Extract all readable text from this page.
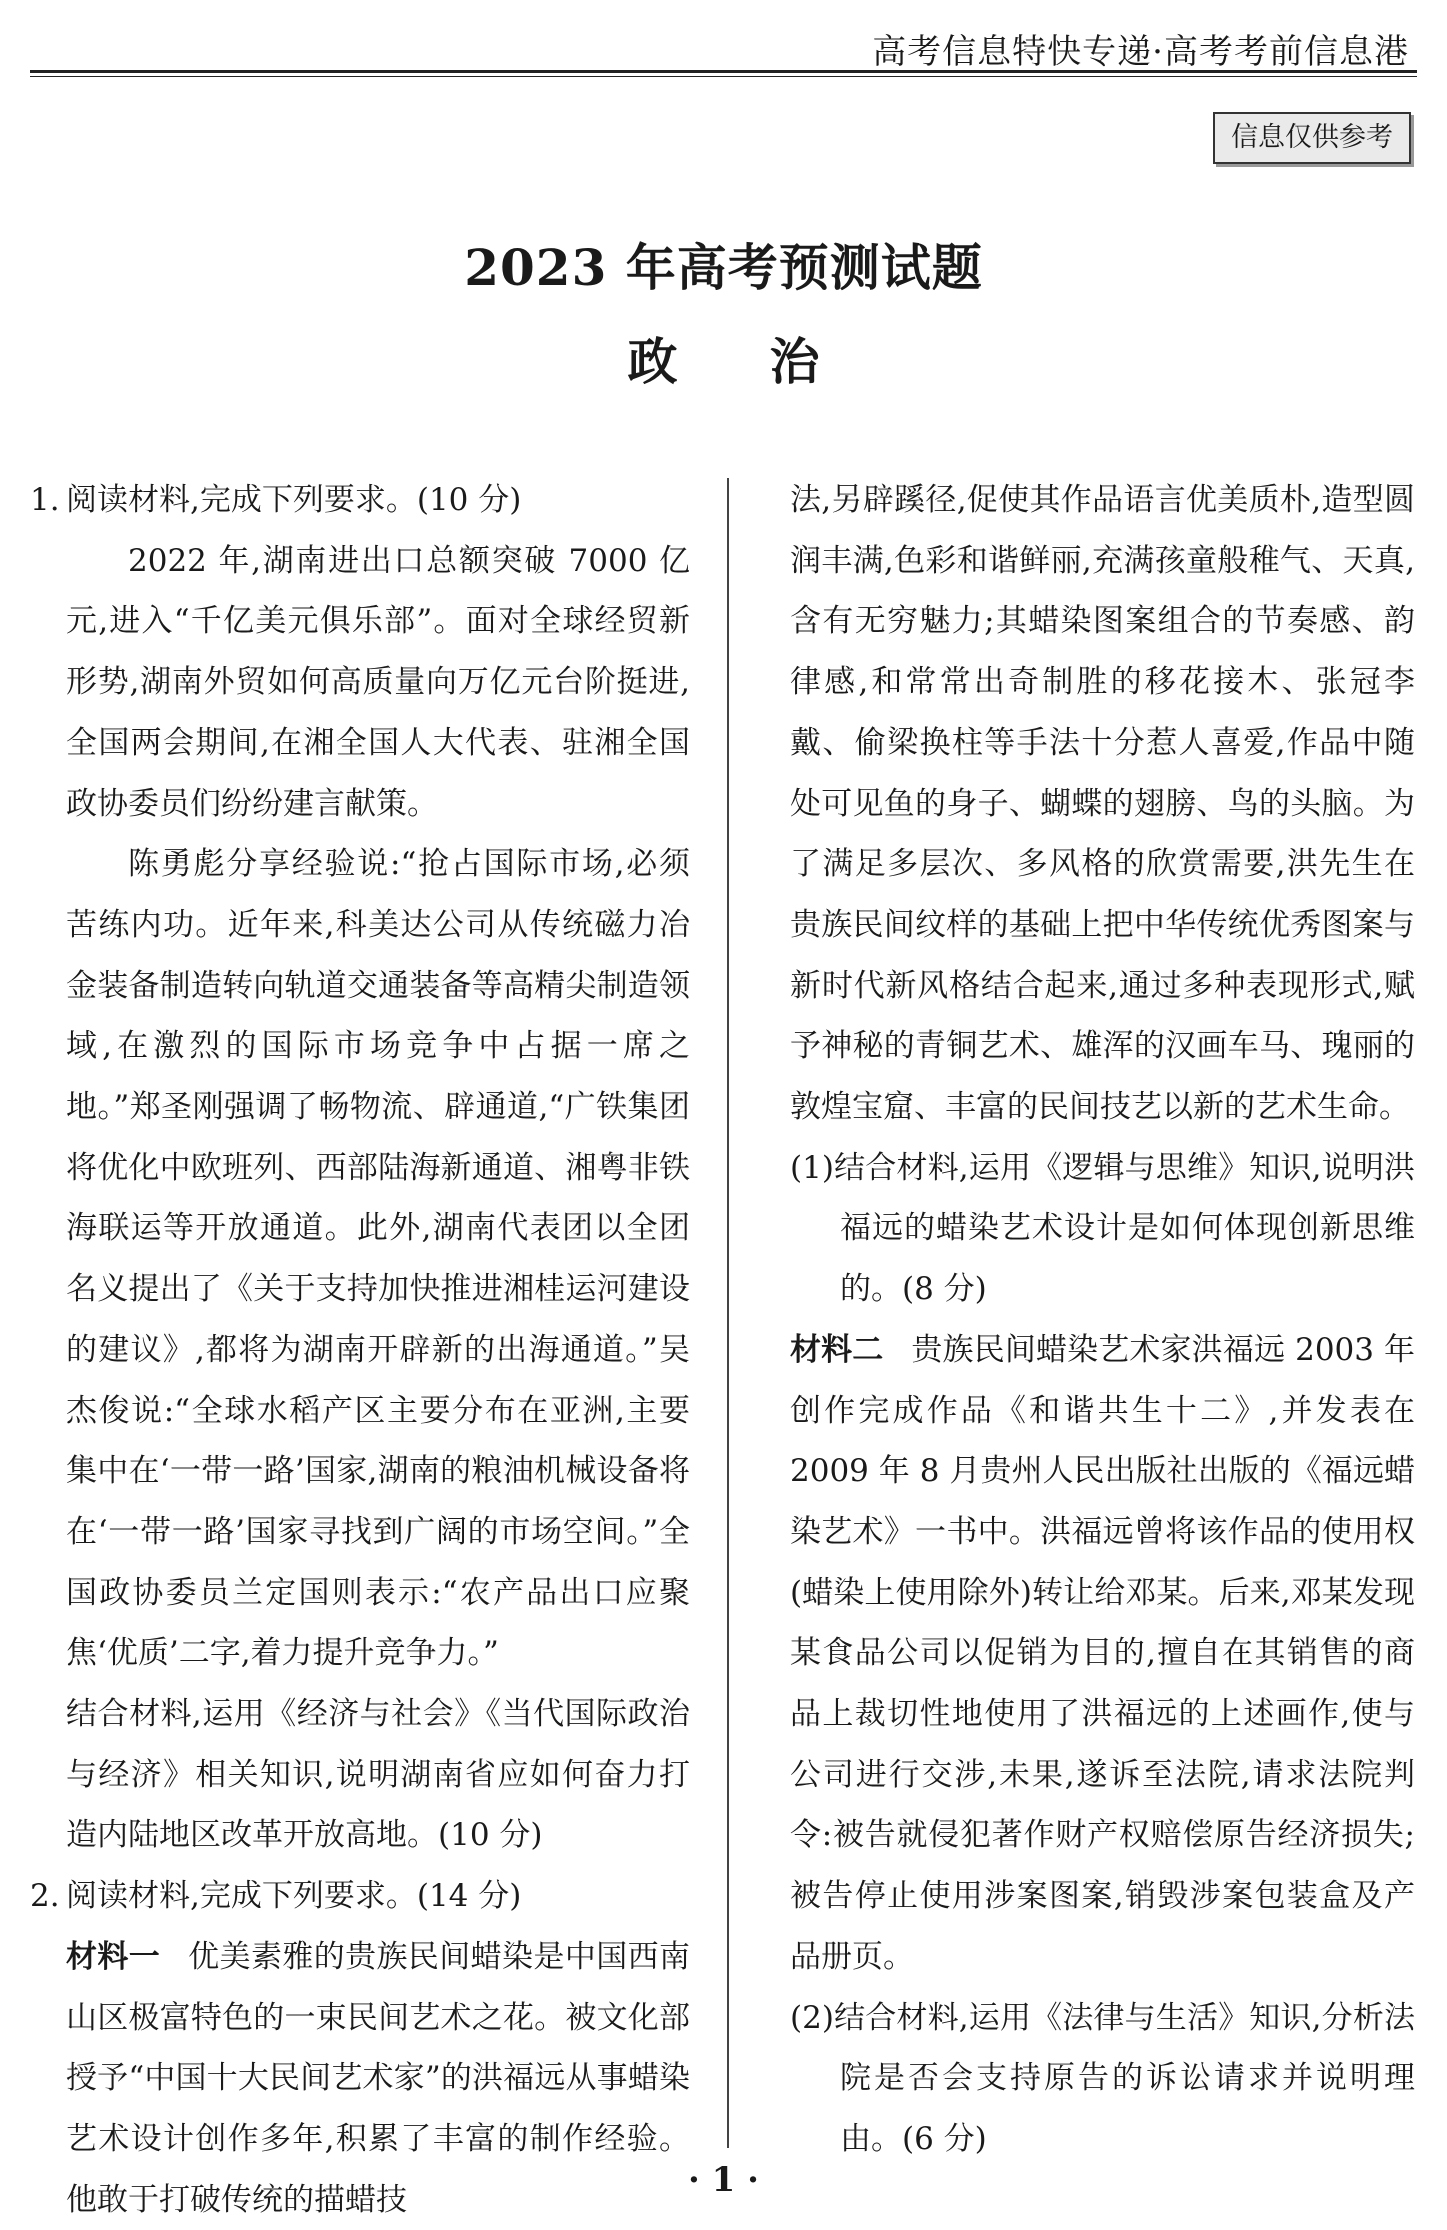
高考信息特快专递·高考考前信息港
信息仅供参考
2023 年高考预测试题
政治

1. 阅读材料,完成下列要求。(10 分)

2022 年,湖南进出口总额突破 7000 亿元,进入“千亿美元俱乐部”。面对全球经贸新形势,湖南外贸如何高质量向万亿元台阶挺进,全国两会期间,在湘全国人大代表、驻湘全国政协委员们纷纷建言献策。

陈勇彪分享经验说:“抢占国际市场,必须苦练内功。近年来,科美达公司从传统磁力冶金装备制造转向轨道交通装备等高精尖制造领域,在激烈的国际市场竞争中占据一席之地。”郑圣刚强调了畅物流、辟通道,“广铁集团将优化中欧班列、西部陆海新通道、湘粤非铁海联运等开放通道。此外,湖南代表团以全团名义提出了《关于支持加快推进湘桂运河建设的建议》,都将为湖南开辟新的出海通道。”吴杰俊说:“全球水稻产区主要分布在亚洲,主要集中在‘一带一路’国家,湖南的粮油机械设备将在‘一带一路’国家寻找到广阔的市场空间。”全国政协委员兰定国则表示:“农产品出口应聚焦‘优质’二字,着力提升竞争力。”

结合材料,运用《经济与社会》《当代国际政治与经济》相关知识,说明湖南省应如何奋力打造内陆地区改革开放高地。(10 分)

2. 阅读材料,完成下列要求。(14 分)

材料一 优美素雅的贵族民间蜡染是中国西南山区极富特色的一束民间艺术之花。被文化部授予“中国十大民间艺术家”的洪福远从事蜡染艺术设计创作多年,积累了丰富的制作经验。他敢于打破传统的描蜡技

法,另辟蹊径,促使其作品语言优美质朴,造型圆润丰满,色彩和谐鲜丽,充满孩童般稚气、天真,含有无穷魅力;其蜡染图案组合的节奏感、韵律感,和常常出奇制胜的移花接木、张冠李戴、偷梁换柱等手法十分惹人喜爱,作品中随处可见鱼的身子、蝴蝶的翅膀、鸟的头脑。为了满足多层次、多风格的欣赏需要,洪先生在贵族民间纹样的基础上把中华传统优秀图案与新时代新风格结合起来,通过多种表现形式,赋予神秘的青铜艺术、雄浑的汉画车马、瑰丽的敦煌宝窟、丰富的民间技艺以新的艺术生命。

(1)结合材料,运用《逻辑与思维》知识,说明洪福远的蜡染艺术设计是如何体现创新思维的。(8 分)

材料二 贵族民间蜡染艺术家洪福远 2003 年创作完成作品《和谐共生十二》,并发表在 2009 年 8 月贵州人民出版社出版的《福远蜡染艺术》一书中。洪福远曾将该作品的使用权(蜡染上使用除外)转让给邓某。后来,邓某发现某食品公司以促销为目的,擅自在其销售的商品上裁切性地使用了洪福远的上述画作,使与公司进行交涉,未果,遂诉至法院,请求法院判令:被告就侵犯著作财产权赔偿原告经济损失;被告停止使用涉案图案,销毁涉案包装盒及产品册页。

(2)结合材料,运用《法律与生活》知识,分析法院是否会支持原告的诉讼请求并说明理由。(6 分)

· 1 ·
